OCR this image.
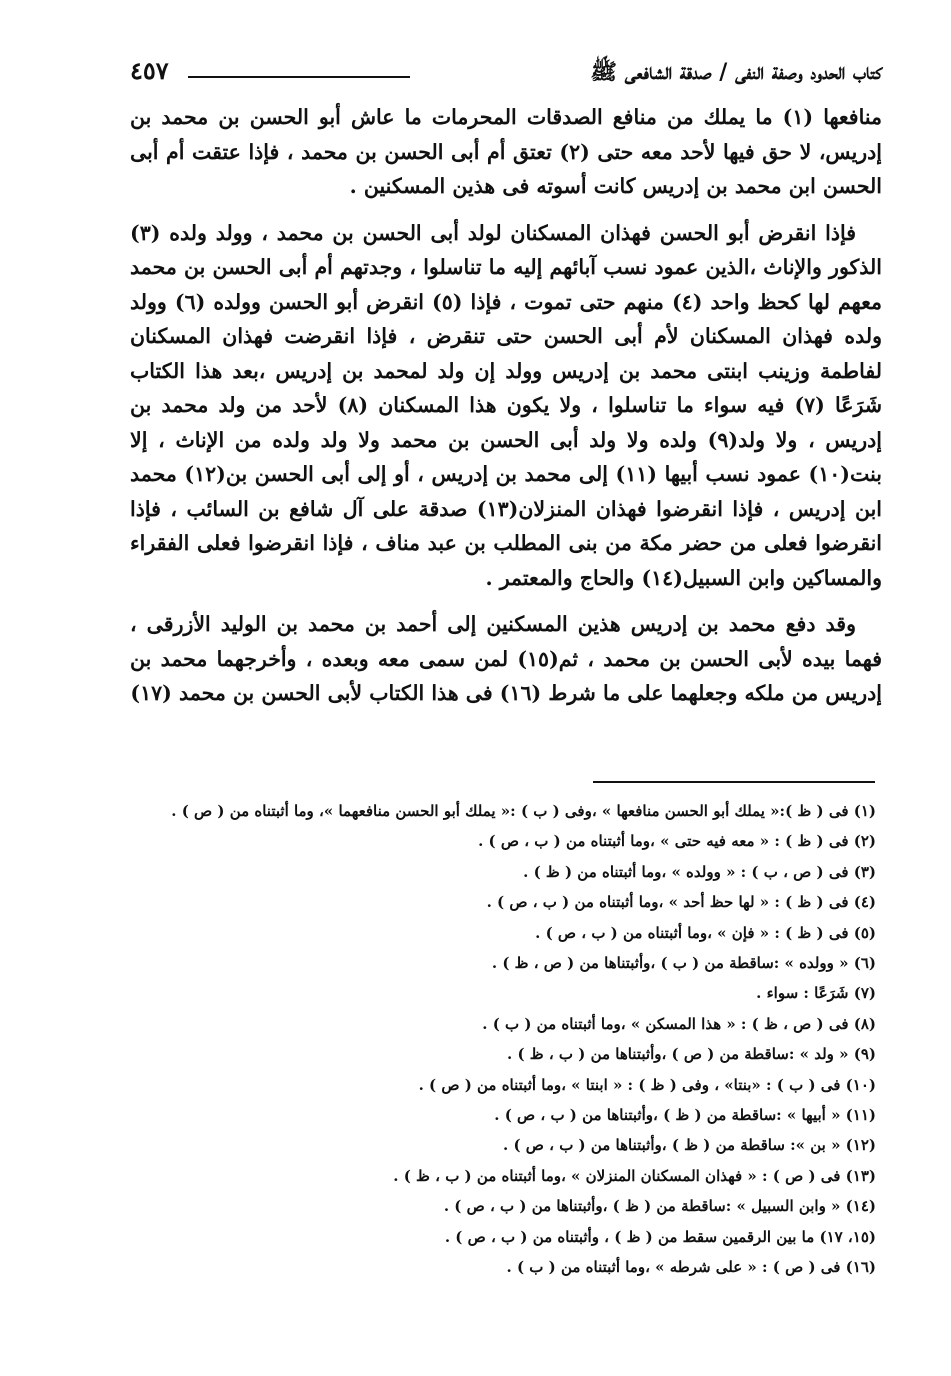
كتاب الحدود وصفة النفى / صدقة الشافعى ﷺ
٤٥٧

منافعها (١) ما يملك من منافع الصدقات المحرمات ما عاش أبو الحسن بن محمد بن إدريس، لا حق فيها لأحد معه حتى (٢) تعتق أم أبى الحسن بن محمد ، فإذا عتقت أم أبى الحسن ابن محمد بن إدريس كانت أسوته فى هذين المسكنين .

فإذا انقرض أبو الحسن فهذان المسكنان لولد أبى الحسن بن محمد ، وولد ولده (٣) الذكور والإناث ،الذين عمود نسب آبائهم إليه ما تناسلوا ، وجدتهم أم أبى الحسن بن محمد معهم لها كحظ واحد (٤) منهم حتى تموت ، فإذا (٥) انقرض أبو الحسن وولده (٦) وولد ولده فهذان المسكنان لأم أبى الحسن حتى تنقرض ، فإذا انقرضت فهذان المسكنان لفاطمة وزينب ابنتى محمد بن إدريس وولد إن ولد لمحمد بن إدريس ،بعد هذا الكتاب شَرَعًا (٧) فيه سواء ما تناسلوا ، ولا يكون هذا المسكنان (٨) لأحد من ولد محمد بن إدريس ، ولا ولد(٩) ولده ولا ولد أبى الحسن بن محمد ولا ولد ولده من الإناث ، إلا بنت(١٠) عمود نسب أبيها (١١) إلى محمد بن إدريس ، أو إلى أبى الحسن بن(١٢) محمد ابن إدريس ، فإذا انقرضوا فهذان المنزلان(١٣) صدقة على آل شافع بن السائب ، فإذا انقرضوا فعلى من حضر مكة من بنى المطلب بن عبد مناف ، فإذا انقرضوا فعلى الفقراء والمساكين وابن السبيل(١٤) والحاج والمعتمر .

وقد دفع محمد بن إدريس هذين المسكنين إلى أحمد بن محمد بن الوليد الأزرقى ، فهما بيده لأبى الحسن بن محمد ، ثم(١٥) لمن سمى معه وبعده ، وأخرجهما محمد بن إدريس من ملكه وجعلهما على ما شرط (١٦) فى هذا الكتاب لأبى الحسن بن محمد (١٧)

(١) فى ( ظ ):« يملك أبو الحسن منافعها » ،وفى ( ب ) :« يملك أبو الحسن منافعهما »، وما أثبتناه من ( ص ) .
(٢) فى ( ظ ) : « معه فيه حتى » ،وما أثبتناه من ( ب ، ص ) .
(٣) فى ( ص ، ب ) : « وولده » ،وما أثبتناه من ( ظ ) .
(٤) فى ( ظ ) : « لها حظ أحد » ،وما أثبتناه من ( ب ، ص ) .
(٥) فى ( ظ ) : « فإن » ،وما أثبتناه من ( ب ، ص ) .
(٦) « وولده » :ساقطة من ( ب ) ،وأثبتناها من ( ص ، ظ ) .
(٧) شَرَعًا : سواء .
(٨) فى ( ص ، ظ ) : « هذا المسكن » ،وما أثبتناه من ( ب ) .
(٩) « ولد » :ساقطة من ( ص ) ،وأثبتناها من ( ب ، ظ ) .
(١٠) فى ( ب ) : «بنتا» ، وفى ( ظ ) : « ابنتا » ،وما أثبتناه من ( ص ) .
(١١) « أبيها » :ساقطة من ( ظ ) ،وأثبتناها من ( ب ، ص ) .
(١٢) « بن »: ساقطة من ( ظ ) ،وأثبتناها من ( ب ، ص ) .
(١٣) فى ( ص ) : « فهذان المسكنان المنزلان » ،وما أثبتناه من ( ب ، ظ ) .
(١٤) « وابن السبيل » :ساقطة من ( ظ ) ،وأثبتناها من ( ب ، ص ) .
(١٥، ١٧) ما بين الرقمين سقط من ( ظ ) ، وأثبتناه من ( ب ، ص ) .
(١٦) فى ( ص ) : « على شرطه » ،وما أثبتناه من ( ب ) .
